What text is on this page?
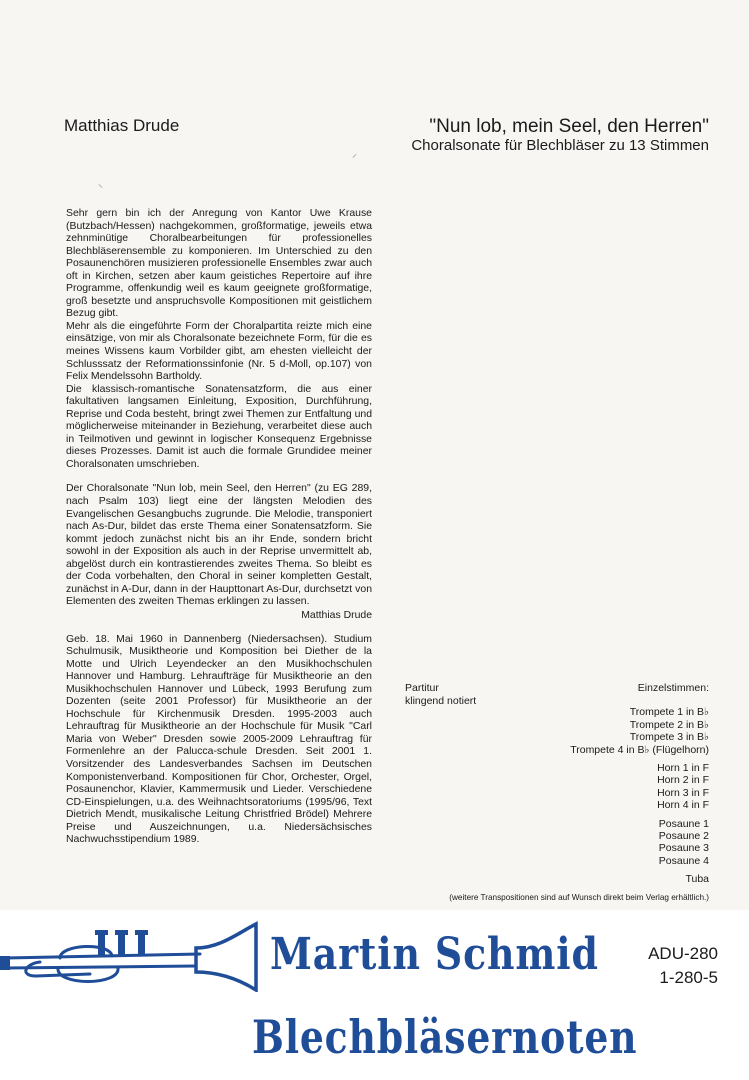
Matthias Drude	"Nun lob, mein Seel, den Herren"
Choralsonate für Blechbläser zu 13 Stimmen
⸝
⸜

Sehr gern bin ich der Anregung von Kantor Uwe Krause (Butzbach/Hessen) nachgekommen, großformatige, jeweils etwa zehnminütige Choralbearbeitungen für professionelles Blechbläserensemble zu komponieren. Im Unterschied zu den Posaunenchören musizieren professionelle Ensembles zwar auch oft in Kirchen, setzen aber kaum geistiches Repertoire auf ihre Programme, offenkundig weil es kaum geeignete großformatige, groß besetzte und anspruchsvolle Kompositionen mit geistlichem Bezug gibt.

Mehr als die eingeführte Form der Choralpartita reizte mich eine einsätzige, von mir als Choralsonate bezeichnete Form, für die es meines Wissens kaum Vorbilder gibt, am ehesten vielleicht der Schlusssatz der Reformationssinfonie (Nr. 5 d-Moll, op.107) von Felix Mendelssohn Bartholdy.

Die klassisch-romantische Sonatensatzform, die aus einer fakultativen langsamen Einleitung, Exposition, Durchführung, Reprise und Coda besteht, bringt zwei Themen zur Entfaltung und möglicherweise miteinander in Beziehung, verarbeitet diese auch in Teilmotiven und gewinnt in logischer Konsequenz Ergebnisse dieses Prozesses. Damit ist auch die formale Grundidee meiner Choralsonaten umschrieben.

Der Choralsonate "Nun lob, mein Seel, den Herren" (zu EG 289, nach Psalm 103) liegt eine der längsten Melodien des Evangelischen Gesangbuchs zugrunde. Die Melodie, transponiert nach As-Dur, bildet das erste Thema einer Sonatensatzform. Sie kommt jedoch zunächst nicht bis an ihr Ende, sondern bricht sowohl in der Exposition als auch in der Reprise unvermittelt ab, abgelöst durch ein kontrastierendes zweites Thema. So bleibt es der Coda vorbehalten, den Choral in seiner kompletten Gestalt, zunächst in A-Dur, dann in der Haupttonart As-Dur, durchsetzt von Elementen des zweiten Themas erklingen zu lassen.

Matthias Drude

Geb. 18. Mai 1960 in Dannenberg (Niedersachsen). Studium Schulmusik, Musiktheorie und Komposition bei Diether de la Motte und Ulrich Leyendecker an den Musikhochschulen Hannover und Hamburg. Lehraufträge für Musiktheorie an den Musikhochschulen Hannover und Lübeck, 1993 Berufung zum Dozenten (seite 2001 Professor) für Musiktheorie an der Hochschule für Kirchenmusik Dresden. 1995-2003 auch Lehrauftrag für Musiktheorie an der Hochschule für Musik "Carl Maria von Weber" Dresden sowie 2005-2009 Lehrauftrag für Formenlehre an der Palucca-schule Dresden. Seit 2001 1. Vorsitzender des Landesverbandes Sachsen im Deutschen Komponistenverband. Kompositionen für Chor, Orchester, Orgel, Posaunenchor, Klavier, Kammermusik und Lieder. Verschiedene CD-Einspielungen, u.a. des Weihnachtsoratoriums (1995/96, Text Dietrich Mendt, musikalische Leitung Christfried Brödel) Mehrere Preise und Auszeichnungen, u.a. Niedersächsisches Nachwuchsstipendium 1989.

Partitur
klingend notiert
Einzelstimmen:
Trompete 1 in B♭
Trompete 2 in B♭
Trompete 3 in B♭
Trompete 4 in B♭ (Flügelhorn)
Horn 1 in F
Horn 2 in F
Horn 3 in F
Horn 4 in F
Posaune 1
Posaune 2
Posaune 3
Posaune 4
Tuba
(weitere Transpositionen sind auf Wunsch direkt beim Verlag erhältlich.)
Martin Schmid
Blechbläsernoten
ADU-280
1-280-5
